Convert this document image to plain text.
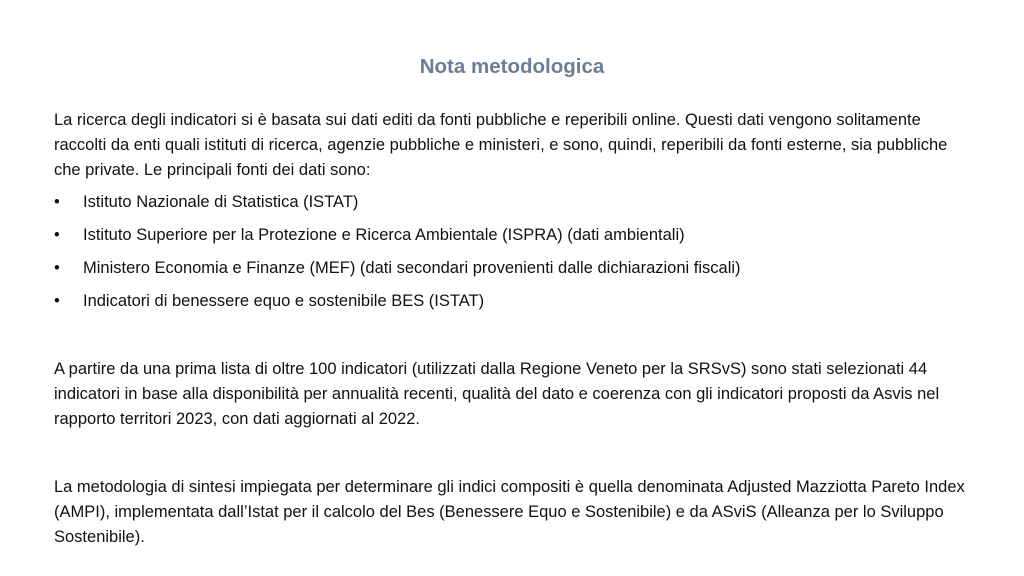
Nota metodologica

La ricerca degli indicatori si è basata sui dati editi da fonti pubbliche e reperibili online. Questi dati vengono solitamente raccolti da enti quali istituti di ricerca, agenzie pubbliche e ministeri, e sono, quindi, reperibili da fonti esterne, sia pubbliche che private. Le principali fonti dei dati sono:

• Istituto Nazionale di Statistica (ISTAT)
• Istituto Superiore per la Protezione e Ricerca Ambientale (ISPRA) (dati ambientali)
• Ministero Economia e Finanze (MEF) (dati secondari provenienti dalle dichiarazioni fiscali)
• Indicatori di benessere equo e sostenibile BES (ISTAT)

A partire da una prima lista di oltre 100 indicatori (utilizzati dalla Regione Veneto per la SRSvS) sono stati selezionati 44 indicatori in base alla disponibilità per annualità recenti, qualità del dato e coerenza con gli indicatori proposti da Asvis nel rapporto territori 2023, con dati aggiornati al 2022.

La metodologia di sintesi impiegata per determinare gli indici compositi è quella denominata Adjusted Mazziotta Pareto Index (AMPI), implementata dall’Istat per il calcolo del Bes (Benessere Equo e Sostenibile) e da ASviS (Alleanza per lo Sviluppo Sostenibile).
